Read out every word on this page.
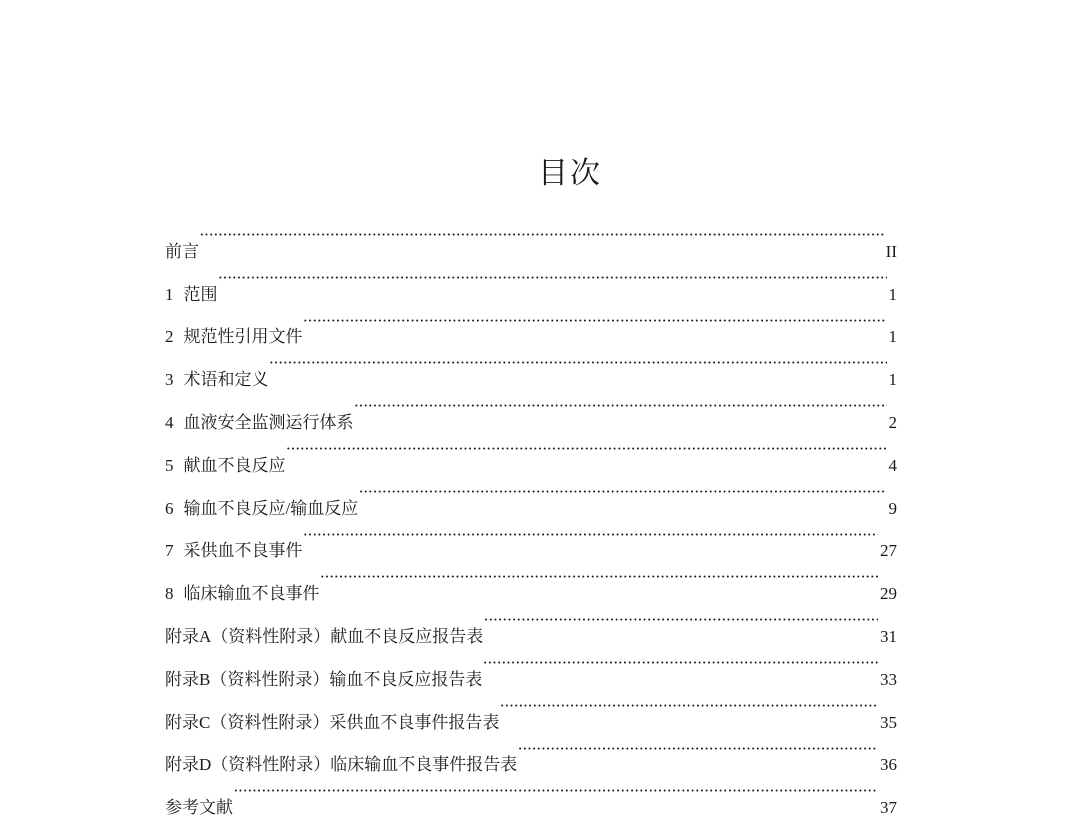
目次
前言 ·····	II
1 范围 ·····	1
2 规范性引用文件 ·····	1
3 术语和定义 ·····	1
4 血液安全监测运行体系 ·····	2
5 献血不良反应 ·····	4
6 输血不良反应/输血反应 ·····	9
7 采供血不良事件 ·····	27
8 临床输血不良事件 ·····	29
附录A（资料性附录）献血不良反应报告表 ·····	31
附录B（资料性附录）输血不良反应报告表 ·····	33
附录C（资料性附录）采供血不良事件报告表 ·····	35
附录D（资料性附录）临床输血不良事件报告表 ·····	36
参考文献 ·····	37
